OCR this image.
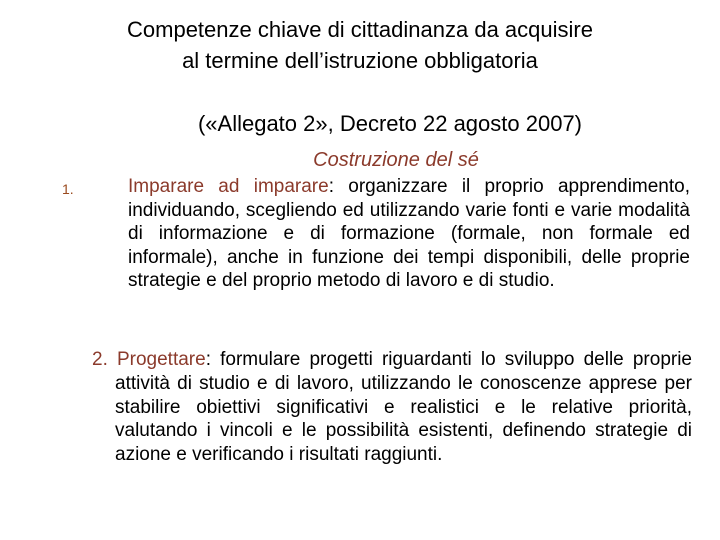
Competenze chiave di cittadinanza da acquisire
al termine dell’istruzione obbligatoria
(«Allegato 2», Decreto 22 agosto 2007)
Costruzione del sé
1.	Imparare ad imparare: organizzare il proprio apprendimento, individuando, scegliendo ed utilizzando varie fonti e varie modalità di informazione e di formazione (formale, non formale ed informale), anche in funzione dei tempi disponibili, delle proprie strategie e del proprio metodo di lavoro e di studio.
2. Progettare: formulare progetti riguardanti lo sviluppo delle proprie attività di studio e di lavoro, utilizzando le conoscenze apprese per stabilire obiettivi significativi e realistici e le relative priorità, valutando i vincoli e le possibilità esistenti, definendo strategie di azione e verificando i risultati raggiunti.
